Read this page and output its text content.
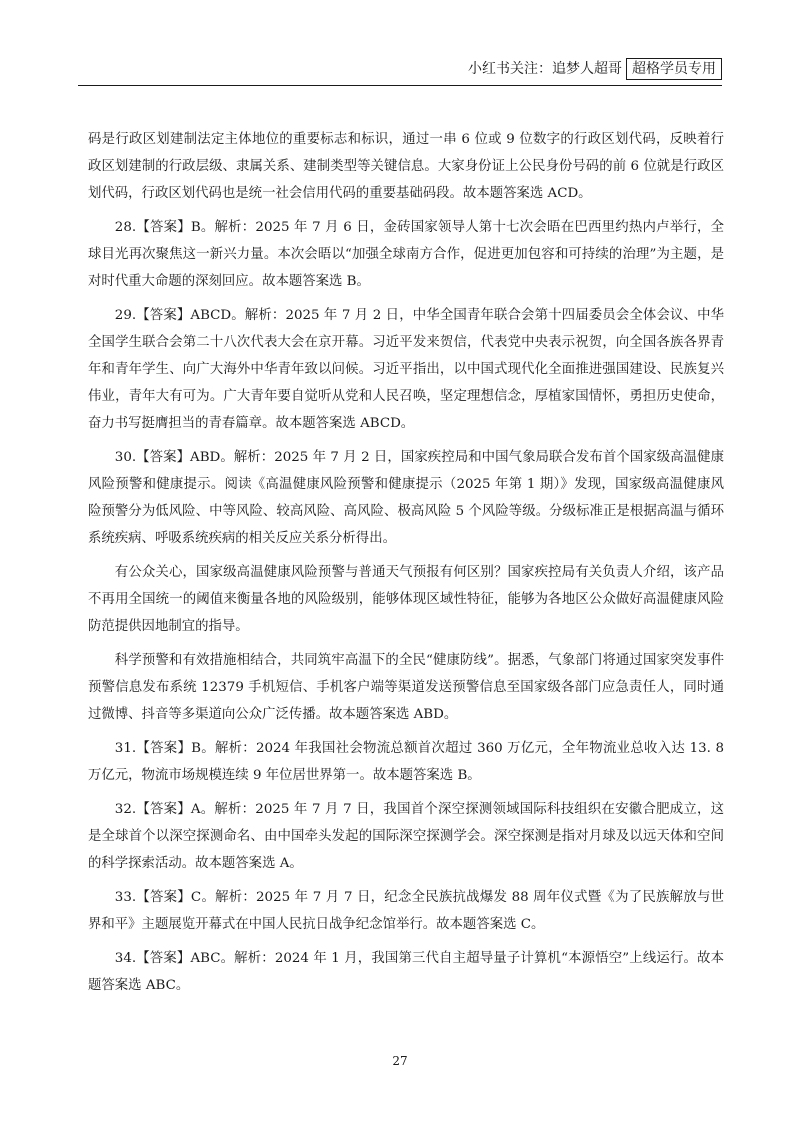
小红书关注：追梦人超哥 超格学员专用

码是行政区划建制法定主体地位的重要标志和标识，通过一串 6 位或 9 位数字的行政区划代码，反映着行政区划建制的行政层级、隶属关系、建制类型等关键信息。大家身份证上公民身份号码的前 6 位就是行政区划代码，行政区划代码也是统一社会信用代码的重要基础码段。故本题答案选 ACD。

28.【答案】B。解析：2025 年 7 月 6 日，金砖国家领导人第十七次会晤在巴西里约热内卢举行，全球目光再次聚焦这一新兴力量。本次会晤以“加强全球南方合作，促进更加包容和可持续的治理”为主题，是对时代重大命题的深刻回应。故本题答案选 B。

29.【答案】ABCD。解析：2025 年 7 月 2 日，中华全国青年联合会第十四届委员会全体会议、中华全国学生联合会第二十八次代表大会在京开幕。习近平发来贺信，代表党中央表示祝贺，向全国各族各界青年和青年学生、向广大海外中华青年致以问候。习近平指出，以中国式现代化全面推进强国建设、民族复兴伟业，青年大有可为。广大青年要自觉听从党和人民召唤，坚定理想信念，厚植家国情怀，勇担历史使命，奋力书写挺膺担当的青春篇章。故本题答案选 ABCD。

30.【答案】ABD。解析：2025 年 7 月 2 日，国家疾控局和中国气象局联合发布首个国家级高温健康风险预警和健康提示。阅读《高温健康风险预警和健康提示（2025 年第 1 期）》发现，国家级高温健康风险预警分为低风险、中等风险、较高风险、高风险、极高风险 5 个风险等级。分级标准正是根据高温与循环系统疾病、呼吸系统疾病的相关反应关系分析得出。

有公众关心，国家级高温健康风险预警与普通天气预报有何区别？国家疾控局有关负责人介绍，该产品不再用全国统一的阈值来衡量各地的风险级别，能够体现区域性特征，能够为各地区公众做好高温健康风险防范提供因地制宜的指导。

科学预警和有效措施相结合，共同筑牢高温下的全民“健康防线”。据悉，气象部门将通过国家突发事件预警信息发布系统 12379 手机短信、手机客户端等渠道发送预警信息至国家级各部门应急责任人，同时通过微博、抖音等多渠道向公众广泛传播。故本题答案选 ABD。

31.【答案】B。解析：2024 年我国社会物流总额首次超过 360 万亿元，全年物流业总收入达 13. 8 万亿元，物流市场规模连续 9 年位居世界第一。故本题答案选 B。

32.【答案】A。解析：2025 年 7 月 7 日，我国首个深空探测领域国际科技组织在安徽合肥成立，这是全球首个以深空探测命名、由中国牵头发起的国际深空探测学会。深空探测是指对月球及以远天体和空间的科学探索活动。故本题答案选 A。

33.【答案】C。解析：2025 年 7 月 7 日，纪念全民族抗战爆发 88 周年仪式暨《为了民族解放与世界和平》主题展览开幕式在中国人民抗日战争纪念馆举行。故本题答案选 C。

34.【答案】ABC。解析：2024 年 1 月，我国第三代自主超导量子计算机“本源悟空”上线运行。故本题答案选 ABC。

27
